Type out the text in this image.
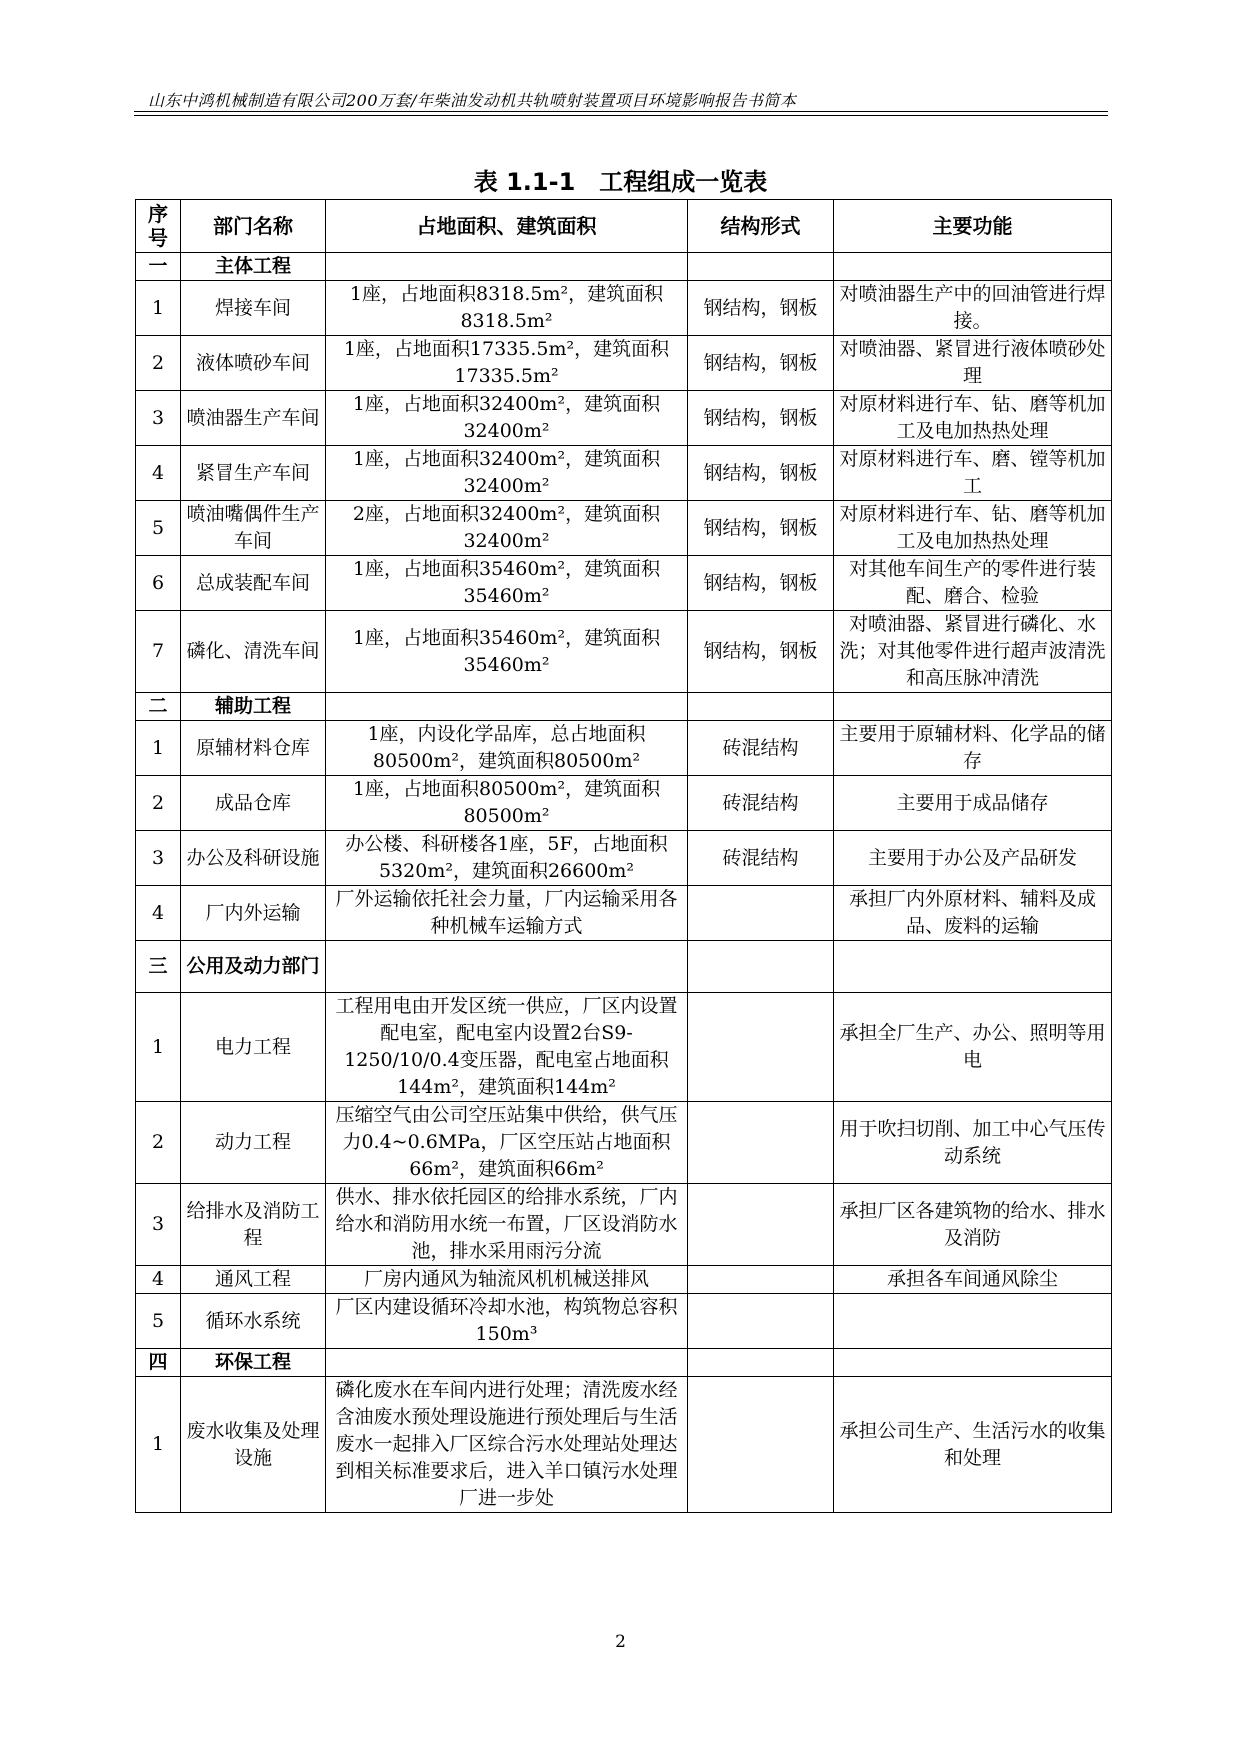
山东中鸿机械制造有限公司200万套/年柴油发动机共轨喷射装置项目环境影响报告书简本
表 1.1-1　工程组成一览表
序号	部门名称	占地面积、建筑面积	结构形式	主要功能
一	主体工程			
1	焊接车间	1座，占地面积8318.5m²，建筑面积8318.5m²	钢结构，钢板	对喷油器生产中的回油管进行焊接。
2	液体喷砂车间	1座，占地面积17335.5m²，建筑面积17335.5m²	钢结构，钢板	对喷油器、紧冒进行液体喷砂处理
3	喷油器生产车间	1座，占地面积32400m²，建筑面积32400m²	钢结构，钢板	对原材料进行车、钻、磨等机加工及电加热热处理
4	紧冒生产车间	1座，占地面积32400m²，建筑面积32400m²	钢结构，钢板	对原材料进行车、磨、镗等机加工
5	喷油嘴偶件生产车间	2座，占地面积32400m²，建筑面积32400m²	钢结构，钢板	对原材料进行车、钻、磨等机加工及电加热热处理
6	总成装配车间	1座，占地面积35460m²，建筑面积35460m²	钢结构，钢板	对其他车间生产的零件进行装配、磨合、检验
7	磷化、清洗车间	1座，占地面积35460m²，建筑面积35460m²	钢结构，钢板	对喷油器、紧冒进行磷化、水洗；对其他零件进行超声波清洗和高压脉冲清洗
二	辅助工程			
1	原辅材料仓库	1座，内设化学品库，总占地面积80500m²，建筑面积80500m²	砖混结构	主要用于原辅材料、化学品的储存
2	成品仓库	1座，占地面积80500m²，建筑面积80500m²	砖混结构	主要用于成品储存
3	办公及科研设施	办公楼、科研楼各1座，5F，占地面积5320m²，建筑面积26600m²	砖混结构	主要用于办公及产品研发
4	厂内外运输	厂外运输依托社会力量，厂内运输采用各种机械车运输方式		承担厂内外原材料、辅料及成品、废料的运输
三	公用及动力部门			
1	电力工程	工程用电由开发区统一供应，厂区内设置配电室，配电室内设置2台S9-1250/10/0.4变压器，配电室占地面积144m²，建筑面积144m²		承担全厂生产、办公、照明等用电
2	动力工程	压缩空气由公司空压站集中供给，供气压力0.4~0.6MPa，厂区空压站占地面积66m²，建筑面积66m²		用于吹扫切削、加工中心气压传动系统
3	给排水及消防工程	供水、排水依托园区的给排水系统，厂内给水和消防用水统一布置，厂区设消防水池，排水采用雨污分流		承担厂区各建筑物的给水、排水及消防
4	通风工程	厂房内通风为轴流风机机械送排风		承担各车间通风除尘
5	循环水系统	厂区内建设循环冷却水池，构筑物总容积150m³		
四	环保工程			
1	废水收集及处理设施	磷化废水在车间内进行处理；清洗废水经含油废水预处理设施进行预处理后与生活废水一起排入厂区综合污水处理站处理达到相关标准要求后，进入羊口镇污水处理厂进一步处		承担公司生产、生活污水的收集和处理
2
